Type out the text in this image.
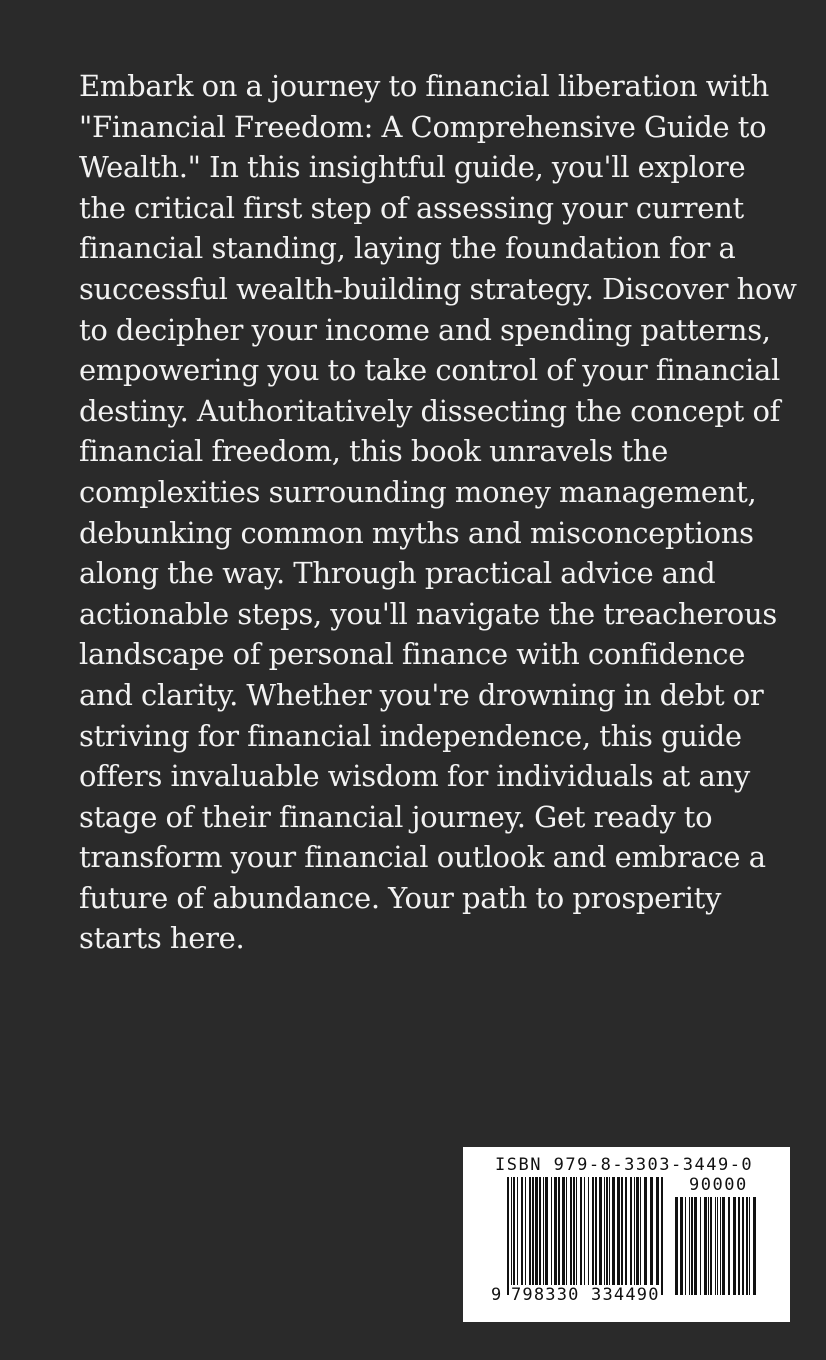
Embark on a journey to financial liberation with "Financial Freedom: A Comprehensive Guide to Wealth." In this insightful guide, you'll explore the critical first step of assessing your current financial standing, laying the foundation for a successful wealth-building strategy. Discover how to decipher your income and spending patterns, empowering you to take control of your financial destiny. Authoritatively dissecting the concept of financial freedom, this book unravels the complexities surrounding money management, debunking common myths and misconceptions along the way. Through practical advice and actionable steps, you'll navigate the treacherous landscape of personal finance with confidence and clarity. Whether you're drowning in debt or striving for financial independence, this guide offers invaluable wisdom for individuals at any stage of their financial journey. Get ready to transform your financial outlook and embrace a future of abundance. Your path to prosperity starts here.

ISBN 979-8-3303-3449-0
90000
9 798330 334490
